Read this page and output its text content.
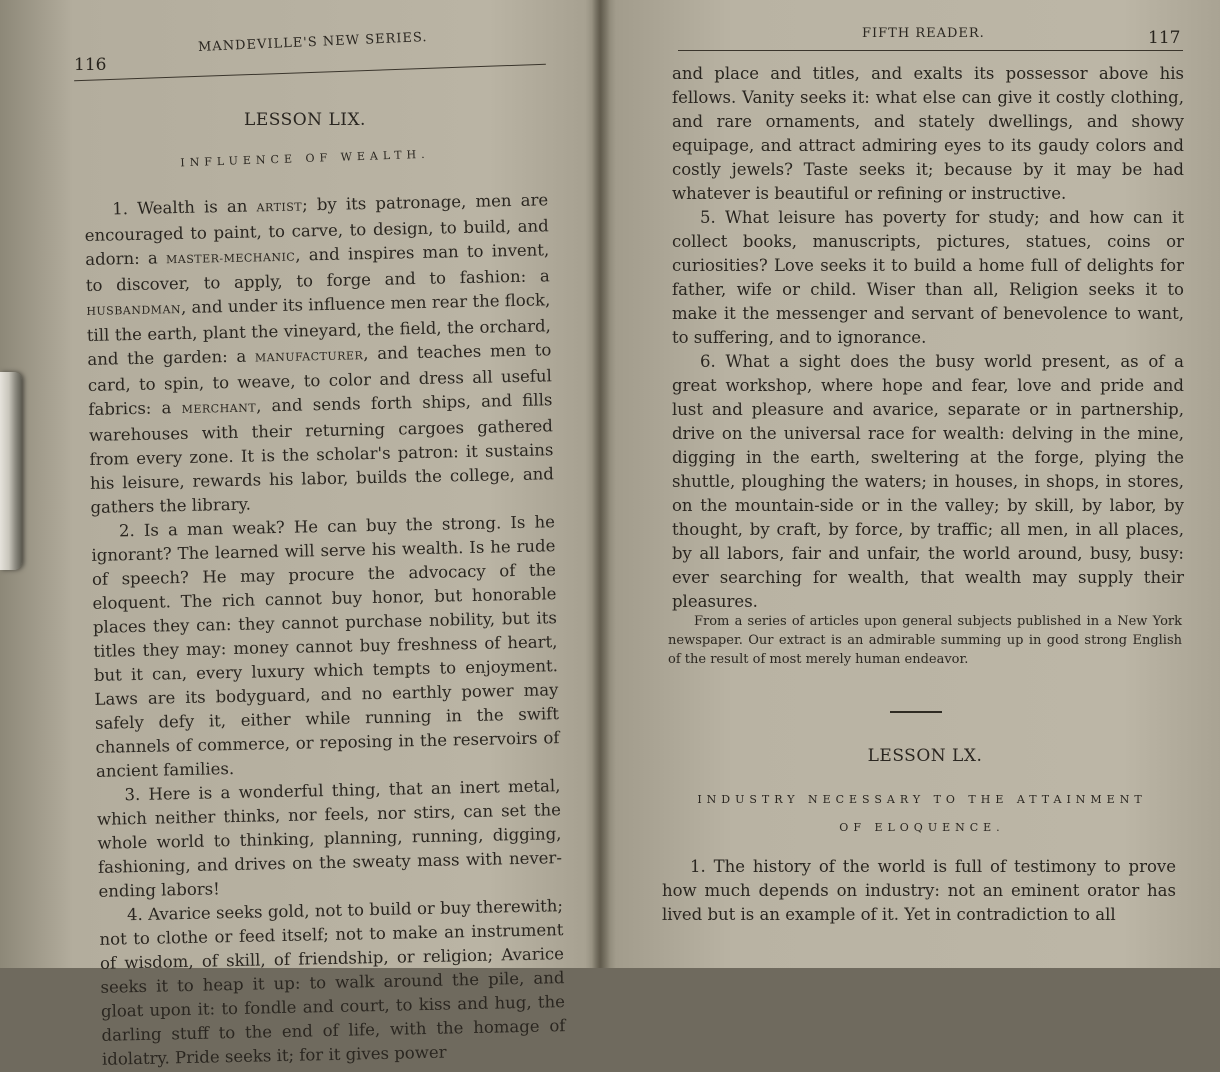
116
MANDEVILLE'S NEW SERIES.
LESSON LIX.
INFLUENCE OF WEALTH.

1. Wealth is an ARTIST; by its patronage, men are encouraged to paint, to carve, to design, to build, and adorn: a MASTER-MECHANIC, and inspires man to invent, to discover, to apply, to forge and to fashion: a HUSBANDMAN, and under its influence men rear the flock, till the earth, plant the vineyard, the field, the orchard, and the garden: a MANUFACTURER, and teaches men to card, to spin, to weave, to color and dress all useful fabrics: a MERCHANT, and sends forth ships, and fills warehouses with their returning cargoes gathered from every zone. It is the scholar's patron: it sustains his leisure, rewards his labor, builds the college, and gathers the library.

2. Is a man weak? He can buy the strong. Is he ignorant? The learned will serve his wealth. Is he rude of speech? He may procure the advocacy of the eloquent. The rich cannot buy honor, but honorable places they can: they cannot purchase nobility, but its titles they may: money cannot buy freshness of heart, but it can, every luxury which tempts to enjoyment. Laws are its bodyguard, and no earthly power may safely defy it, either while running in the swift channels of commerce, or reposing in the reservoirs of ancient families.

3. Here is a wonderful thing, that an inert metal, which neither thinks, nor feels, nor stirs, can set the whole world to thinking, planning, running, digging, fashioning, and drives on the sweaty mass with never-ending labors!

4. Avarice seeks gold, not to build or buy therewith; not to clothe or feed itself; not to make an instrument of wisdom, of skill, of friendship, or religion; Avarice seeks it to heap it up: to walk around the pile, and gloat upon it: to fondle and court, to kiss and hug, the darling stuff to the end of life, with the homage of idolatry. Pride seeks it; for it gives power

FIFTH READER.	117

and place and titles, and exalts its possessor above his fellows. Vanity seeks it: what else can give it costly clothing, and rare ornaments, and stately dwellings, and showy equipage, and attract admiring eyes to its gaudy colors and costly jewels? Taste seeks it; because by it may be had whatever is beautiful or refining or instructive.

5. What leisure has poverty for study; and how can it collect books, manuscripts, pictures, statues, coins or curiosities? Love seeks it to build a home full of delights for father, wife or child. Wiser than all, Religion seeks it to make it the messenger and servant of benevolence to want, to suffering, and to ignorance.

6. What a sight does the busy world present, as of a great workshop, where hope and fear, love and pride and lust and pleasure and avarice, separate or in partnership, drive on the universal race for wealth: delving in the mine, digging in the earth, sweltering at the forge, plying the shuttle, ploughing the waters; in houses, in shops, in stores, on the mountain-side or in the valley; by skill, by labor, by thought, by craft, by force, by traffic; all men, in all places, by all labors, fair and unfair, the world around, busy, busy: ever searching for wealth, that wealth may supply their pleasures.

From a series of articles upon general subjects published in a New York newspaper. Our extract is an admirable summing up in good strong English of the result of most merely human endeavor.

LESSON LX.
INDUSTRY NECESSARY TO THE ATTAINMENT
OF ELOQUENCE.

1. The history of the world is full of testimony to prove how much depends on industry: not an eminent orator has lived but is an example of it. Yet in contradiction to all
